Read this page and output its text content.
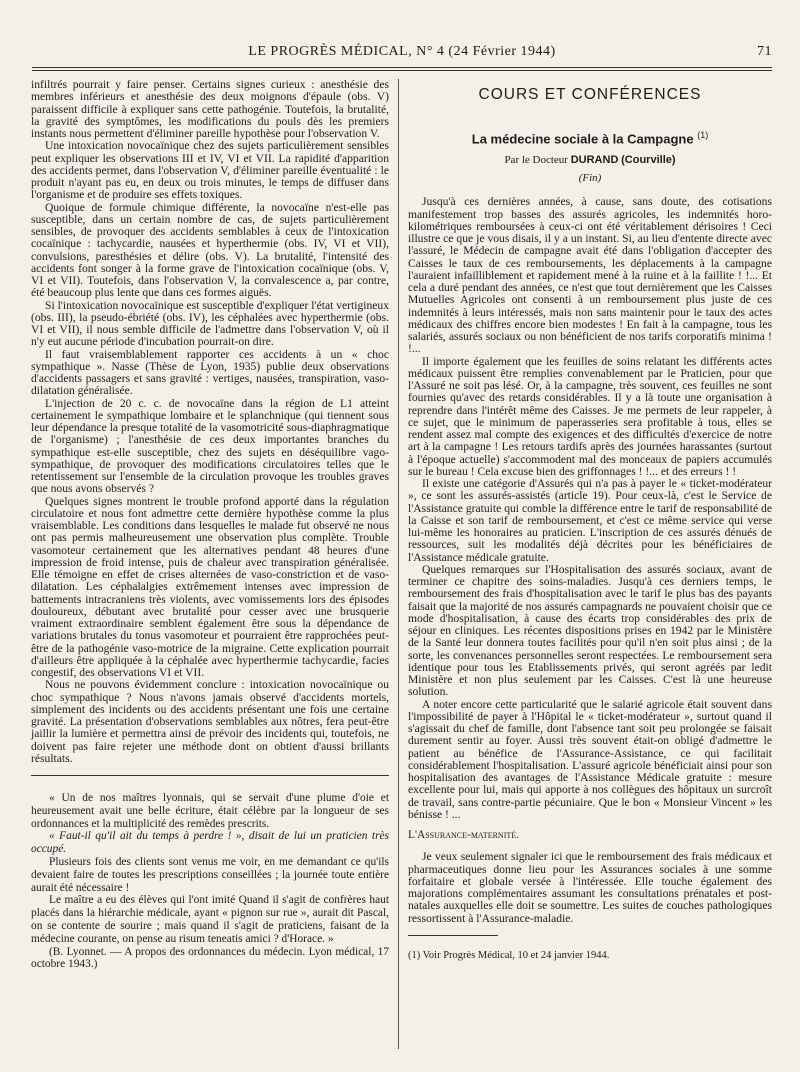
LE PROGRÈS MÉDICAL, N° 4 (24 Février 1944)	71

infiltrés pourrait y faire penser. Certains signes curieux : anesthésie des membres inférieurs et anesthésie des deux moignons d'épaule (obs. V) paraissent difficile à expliquer sans cette pathogénie. Toutefois, la brutalité, la gravité des symptômes, les modifications du pouls dès les premiers instants nous permettent d'éliminer pareille hypothèse pour l'observation V.

Une intoxication novocaïnique chez des sujets particulièrement sensibles peut expliquer les observations III et IV, VI et VII. La rapidité d'apparition des accidents permet, dans l'observation V, d'éliminer pareille éventualité : le produit n'ayant pas eu, en deux ou trois minutes, le temps de diffuser dans l'organisme et de produire ses effets toxiques.

Quoique de formule chimique différente, la novocaïne n'est-elle pas susceptible, dans un certain nombre de cas, de sujets particulièrement sensibles, de provoquer des accidents semblables à ceux de l'intoxication cocaïnique : tachycardie, nausées et hyperthermie (obs. IV, VI et VII), convulsions, paresthésies et délire (obs. V). La brutalité, l'intensité des accidents font songer à la forme grave de l'intoxication cocaïnique (obs. V, VI et VII). Toutefois, dans l'observation V, la convalescence a, par contre, été beaucoup plus lente que dans ces formes aiguës.

Si l'intoxication novocaïnique est susceptible d'expliquer l'état vertigineux (obs. III), la pseudo-ébriété (obs. IV), les céphalées avec hyperthermie (obs. VI et VII), il nous semble difficile de l'admettre dans l'observation V, où il n'y eut aucune période d'incubation pourrait-on dire.

Il faut vraisemblablement rapporter ces accidents à un « choc sympathique ». Nasse (Thèse de Lyon, 1935) publie deux observations d'accidents passagers et sans gravité : vertiges, nausées, transpiration, vaso-dilatation généralisée.

L'injection de 20 c. c. de novocaïne dans la région de L1 atteint certainement le sympathique lombaire et le splanchnique (qui tiennent sous leur dépendance la presque totalité de la vasomotricité sous-diaphragmatique de l'organisme) ; l'anesthésie de ces deux importantes branches du sympathique est-elle susceptible, chez des sujets en déséquilibre vago-sympathique, de provoquer des modifications circulatoires telles que le retentissement sur l'ensemble de la circulation provoque les troubles graves que nous avons observés ?

Quelques signes montrent le trouble profond apporté dans la régulation circulatoire et nous font admettre cette dernière hypothèse comme la plus vraisemblable. Les conditions dans lesquelles le malade fut observé ne nous ont pas permis malheureusement une observation plus complète. Trouble vasomoteur certainement que les alternatives pendant 48 heures d'une impression de froid intense, puis de chaleur avec transpiration généralisée. Elle témoigne en effet de crises alternées de vaso-constriction et de vaso-dilatation. Les céphalalgies extrêmement intenses avec impression de battements intracraniens très violents, avec vomissements lors des épisodes douloureux, débutant avec brutalité pour cesser avec une brusquerie vraiment extraordinaire semblent également être sous la dépendance de variations brutales du tonus vasomoteur et pourraient être rapprochées peut-être de la pathogénie vaso-motrice de la migraine. Cette explication pourrait d'ailleurs être appliquée à la céphalée avec hyperthermie tachycardie, facies congestif, des observations VI et VII.

Nous ne pouvons évidemment conclure : intoxication novocaïnique ou choc sympathique ? Nous n'avons jamais observé d'accidents mortels, simplement des incidents ou des accidents présentant une fois une certaine gravité. La présentation d'observations semblables aux nôtres, fera peut-être jaillir la lumière et permettra ainsi de prévoir des incidents qui, toutefois, ne doivent pas faire rejeter une méthode dont on obtient d'aussi brillants résultats.

« Un de nos maîtres lyonnais, qui se servait d'une plume d'oie et heureusement avait une belle écriture, était célèbre par la longueur de ses ordonnances et la multiplicité des remèdes prescrits.

« Faut-il qu'il ait du temps à perdre ! », disait de lui un praticien très occupé.

Plusieurs fois des clients sont venus me voir, en me demandant ce qu'ils devaient faire de toutes les prescriptions conseillées ; la journée toute entière aurait été nécessaire !

Le maître a eu des élèves qui l'ont imité Quand il s'agit de confrères haut placés dans la hiérarchie médicale, ayant « pignon sur rue », aurait dit Pascal, on se contente de sourire ; mais quand il s'agit de praticiens, faisant de la médecine courante, on pense au risum teneatis amici ? d'Horace. »

(B. Lyonnet. — A propos des ordonnances du médecin. Lyon médical, 17 octobre 1943.)

COURS ET CONFÉRENCES
La médecine sociale à la Campagne $^{(1)}$
Par le Docteur DURAND (Courville)
(Fin)

Jusqu'à ces dernières années, à cause, sans doute, des cotisations manifestement trop basses des assurés agricoles, les indemnités horo-kilométriques remboursées à ceux-ci ont été véritablement dérisoires ! Ceci illustre ce que je vous disais, il y a un instant. Si, au lieu d'entente directe avec l'assuré, le Médecin de campagne avait été dans l'obligation d'accepter des Caisses le taux de ces remboursements, les déplacements à la campagne l'auraient infailliblement et rapidement mené à la ruine et à la faillite ! !... Et cela a duré pendant des années, ce n'est que tout dernièrement que les Caisses Mutuelles Agricoles ont consenti à un remboursement plus juste de ces indemnités à leurs intéressés, mais non sans maintenir pour le taux des actes médicaux des chiffres encore bien modestes ! En fait à la campagne, tous les salariés, assurés sociaux ou non bénéficient de nos tarifs corporatifs minima ! !...

Il importe également que les feuilles de soins relatant les différents actes médicaux puissent être remplies convenablement par le Praticien, pour que l'Assuré ne soit pas lésé. Or, à la campagne, très souvent, ces feuilles ne sont fournies qu'avec des retards considérables. Il y a là toute une organisation à reprendre dans l'intérêt même des Caisses. Je me permets de leur rappeler, à ce sujet, que le minimum de paperasseries sera profitable à tous, elles se rendent assez mal compte des exigences et des difficultés d'exercice de notre art à la campagne ! Les retours tardifs après des journées harassantes (surtout à l'époque actuelle) s'accommodent mal des monceaux de papiers accumulés sur le bureau ! Cela excuse bien des griffonnages ! !... et des erreurs ! !

Il existe une catégorie d'Assurés qui n'a pas à payer le « ticket-modérateur », ce sont les assurés-assistés (article 19). Pour ceux-là, c'est le Service de l'Assistance gratuite qui comble la différence entre le tarif de responsabilité de la Caisse et son tarif de remboursement, et c'est ce même service qui verse lui-même les honoraires au praticien. L'inscription de ces assurés dénués de ressources, suit les modalités déjà décrites pour les bénéficiaires de l'Assistance médicale gratuite.

Quelques remarques sur l'Hospitalisation des assurés sociaux, avant de terminer ce chapitre des soins-maladies. Jusqu'à ces derniers temps, le remboursement des frais d'hospitalisation avec le tarif le plus bas des payants faisait que la majorité de nos assurés campagnards ne pouvaient choisir que ce mode d'hospitalisation, à cause des écarts trop considérables des prix de séjour en cliniques. Les récentes dispositions prises en 1942 par le Ministère de la Santé leur donnera toutes facilités pour qu'il n'en soit plus ainsi ; de la sorte, les convenances personnelles seront respectées. Le remboursement sera identique pour tous les Etablissements privés, qui seront agréés par ledit Ministère et non plus seulement par les Caisses. C'est là une heureuse solution.

A noter encore cette particularité que le salarié agricole était souvent dans l'impossibilité de payer à l'Hôpital le « ticket-modérateur », surtout quand il s'agissait du chef de famille, dont l'absence tant soit peu prolongée se faisait durement sentir au foyer. Aussi très souvent était-on obligé d'admettre le patient au bénéfice de l'Assurance-Assistance, ce qui facilitait considérablement l'hospitalisation. L'assuré agricole bénéficiait ainsi pour son hospitalisation des avantages de l'Assistance Médicale gratuite : mesure excellente pour lui, mais qui apporte à nos collègues des hôpitaux un surcroît de travail, sans contre-partie pécuniaire. Que le bon « Monsieur Vincent » les bénisse ! ...

L'Assurance-maternité.

Je veux seulement signaler ici que le remboursement des frais médicaux et pharmaceutiques donne lieu pour les Assurances sociales à une somme forfaitaire et globale versée à l'intéressée. Elle touche également des majorations complémentaires assumant les consultations prénatales et post-natales auxquelles elle doit se soumettre. Les suites de couches pathologiques ressortissent à l'Assurance-maladie.

(1) Voir Progrès Médical, 10 et 24 janvier 1944.
